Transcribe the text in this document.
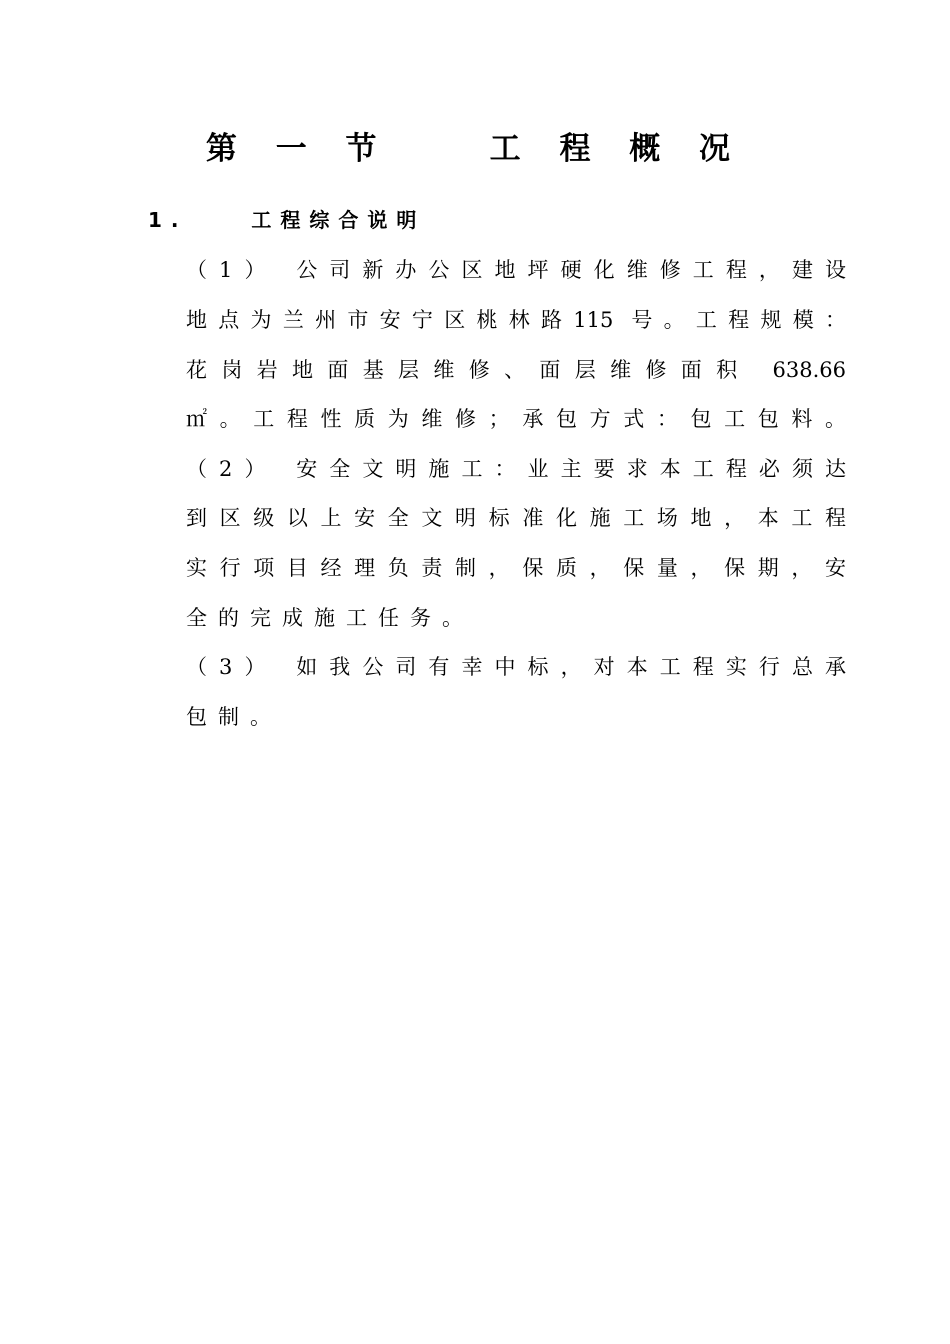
第 一 节    工 程 概 况
1.    工程综合说明
（1） 公司新办公区地坪硬化维修工程，建设
地点为兰州市安宁区桃林路115 号。工程规模：
花岗岩地面基层维修、面层维修面积 638.66
㎡。工程性质为维修；承包方式：包工包料。
（2） 安全文明施工：业主要求本工程必须达
到区级以上安全文明标准化施工场地，本工程
实行项目经理负责制，保质，保量，保期，安
全的完成施工任务。
（3） 如我公司有幸中标，对本工程实行总承
包制。
